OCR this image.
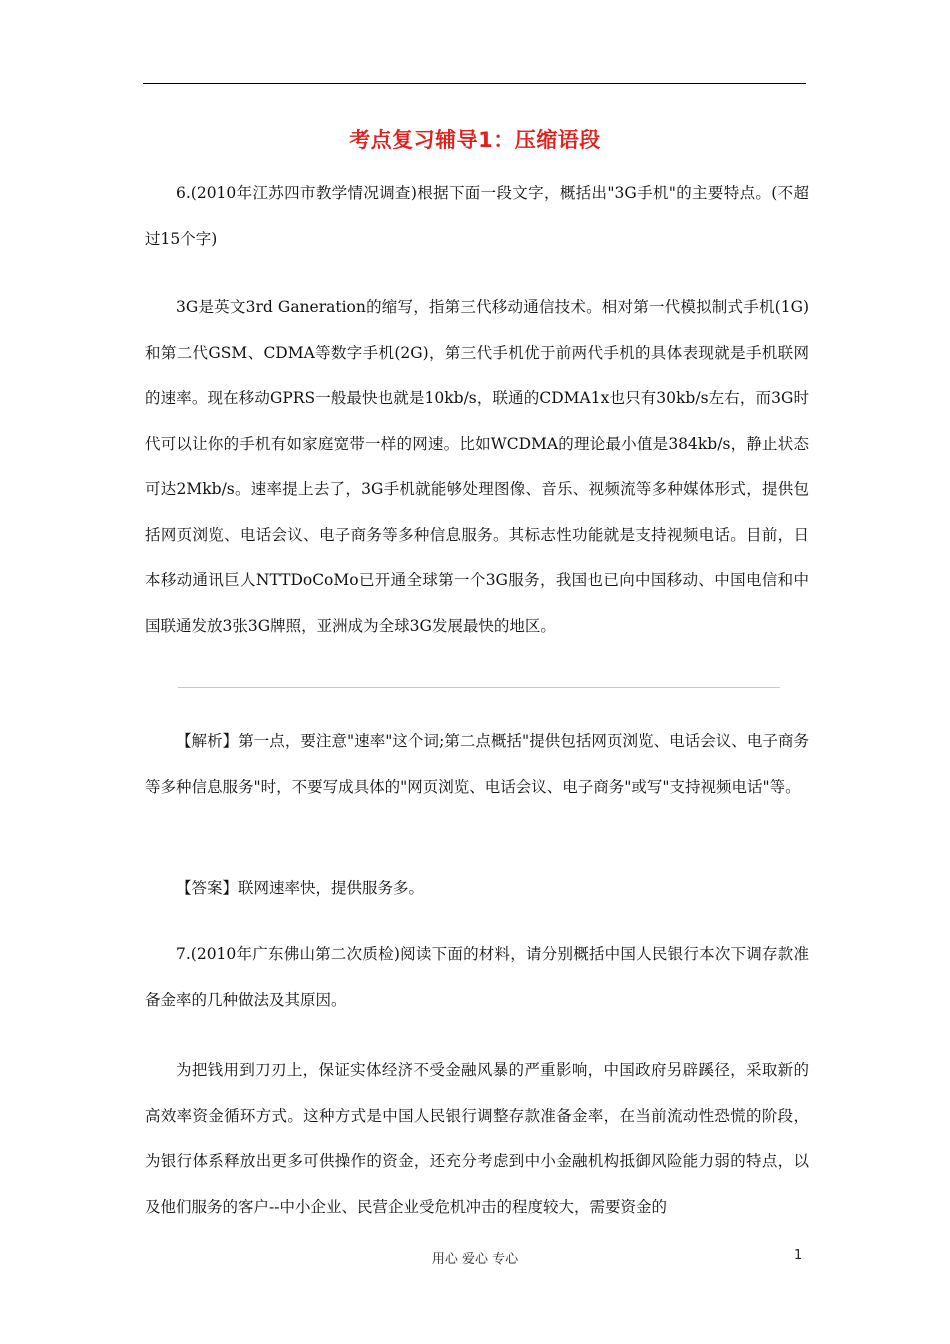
考点复习辅导1：压缩语段

6.(2010年江苏四市教学情况调查)根据下面一段文字，概括出"3G手机"的主要特点。(不超过15个字)

3G是英文3rd Ganeration的缩写，指第三代移动通信技术。相对第一代模拟制式手机(1G)和第二代GSM、CDMA等数字手机(2G)，第三代手机优于前两代手机的具体表现就是手机联网的速率。现在移动GPRS一般最快也就是10kb/s，联通的CDMA1x也只有30kb/s左右，而3G时代可以让你的手机有如家庭宽带一样的网速。比如WCDMA的理论最小值是384kb/s，静止状态可达2Mkb/s。速率提上去了，3G手机就能够处理图像、音乐、视频流等多种媒体形式，提供包括网页浏览、电话会议、电子商务等多种信息服务。其标志性功能就是支持视频电话。目前，日本移动通讯巨人NTTDoCoMo已开通全球第一个3G服务，我国也已向中国移动、中国电信和中国联通发放3张3G牌照，亚洲成为全球3G发展最快的地区。

【解析】第一点，要注意"速率"这个词;第二点概括"提供包括网页浏览、电话会议、电子商务等多种信息服务"时，不要写成具体的"网页浏览、电话会议、电子商务"或写"支持视频电话"等。

【答案】联网速率快，提供服务多。

7.(2010年广东佛山第二次质检)阅读下面的材料，请分别概括中国人民银行本次下调存款准备金率的几种做法及其原因。

为把钱用到刀刃上，保证实体经济不受金融风暴的严重影响，中国政府另辟蹊径，采取新的高效率资金循环方式。这种方式是中国人民银行调整存款准备金率，在当前流动性恐慌的阶段，为银行体系释放出更多可供操作的资金，还充分考虑到中小金融机构抵御风险能力弱的特点，以及他们服务的客户--中小企业、民营企业受危机冲击的程度较大，需要资金的

用心 爱心 专心	1
